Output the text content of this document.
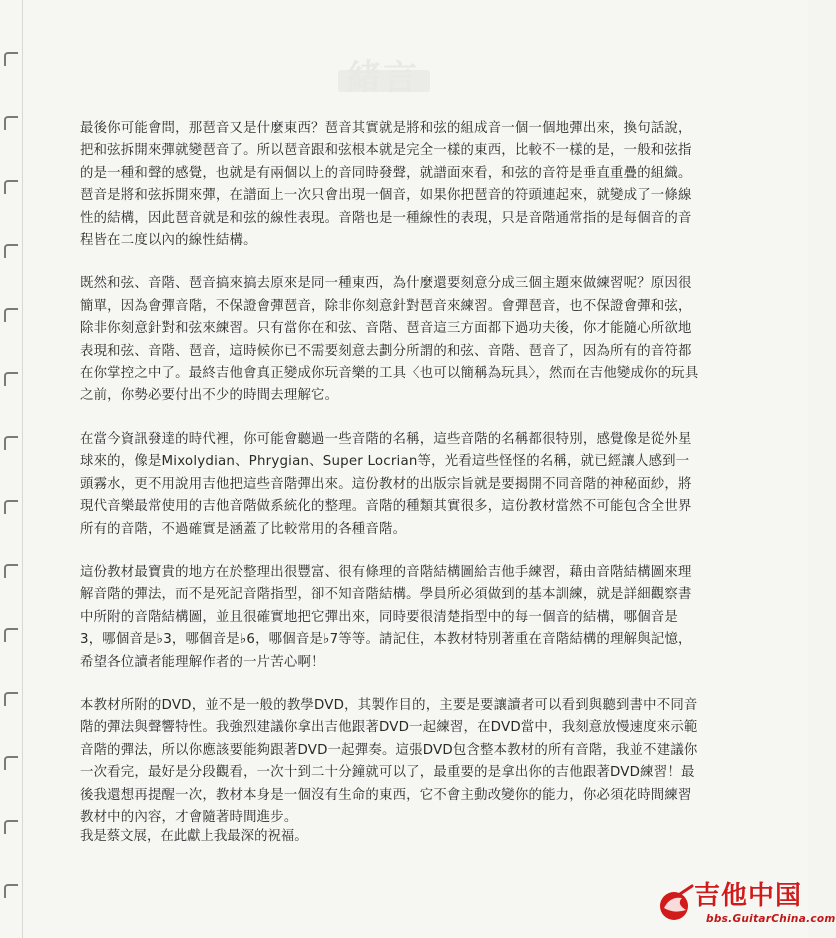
緒言

最後你可能會問，那琶音又是什麼東西？琶音其實就是將和弦的組成音一個一個地彈出來，換句話說，把和弦拆開來彈就變琶音了。所以琶音跟和弦根本就是完全一樣的東西，比較不一樣的是，一般和弦指的是一種和聲的感覺，也就是有兩個以上的音同時發聲，就譜面來看，和弦的音符是垂直重疊的組織。琶音是將和弦拆開來彈，在譜面上一次只會出現一個音，如果你把琶音的符頭連起來，就變成了一條線性的結構，因此琶音就是和弦的線性表現。音階也是一種線性的表現，只是音階通常指的是每個音的音程皆在二度以內的線性結構。

既然和弦、音階、琶音搞來搞去原來是同一種東西，為什麼還要刻意分成三個主題來做練習呢？原因很簡單，因為會彈音階，不保證會彈琶音，除非你刻意針對琶音來練習。會彈琶音，也不保證會彈和弦，除非你刻意針對和弦來練習。只有當你在和弦、音階、琶音這三方面都下過功夫後，你才能隨心所欲地表現和弦、音階、琶音，這時候你已不需要刻意去劃分所謂的和弦、音階、琶音了，因為所有的音符都在你掌控之中了。最終吉他會真正變成你玩音樂的工具〈也可以簡稱為玩具〉，然而在吉他變成你的玩具之前，你勢必要付出不少的時間去理解它。

在當今資訊發達的時代裡，你可能會聽過一些音階的名稱，這些音階的名稱都很特別，感覺像是從外星球來的，像是Mixolydian、Phrygian、Super Locrian等，光看這些怪怪的名稱，就已經讓人感到一頭霧水，更不用說用吉他把這些音階彈出來。這份教材的出版宗旨就是要揭開不同音階的神秘面紗，將現代音樂最常使用的吉他音階做系統化的整理。音階的種類其實很多，這份教材當然不可能包含全世界所有的音階，不過確實是涵蓋了比較常用的各種音階。

這份教材最寶貴的地方在於整理出很豐富、很有條理的音階結構圖給吉他手練習，藉由音階結構圖來理解音階的彈法，而不是死記音階指型，卻不知音階結構。學員所必須做到的基本訓練，就是詳細觀察書中所附的音階結構圖，並且很確實地把它彈出來，同時要很清楚指型中的每一個音的結構，哪個音是3，哪個音是♭3，哪個音是♭6，哪個音是♭7等等。請記住，本教材特別著重在音階結構的理解與記憶，希望各位讀者能理解作者的一片苦心啊！

本教材所附的DVD，並不是一般的教學DVD，其製作目的，主要是要讓讀者可以看到與聽到書中不同音階的彈法與聲響特性。我強烈建議你拿出吉他跟著DVD一起練習，在DVD當中，我刻意放慢速度來示範音階的彈法，所以你應該要能夠跟著DVD一起彈奏。這張DVD包含整本教材的所有音階，我並不建議你一次看完，最好是分段觀看，一次十到二十分鐘就可以了，最重要的是拿出你的吉他跟著DVD練習！最後我還想再提醒一次，教材本身是一個沒有生命的東西，它不會主動改變你的能力，你必須花時間練習教材中的內容，才會隨著時間進步。

我是蔡文展，在此獻上我最深的祝福。
吉他中国
bbs.GuitarChina.com
